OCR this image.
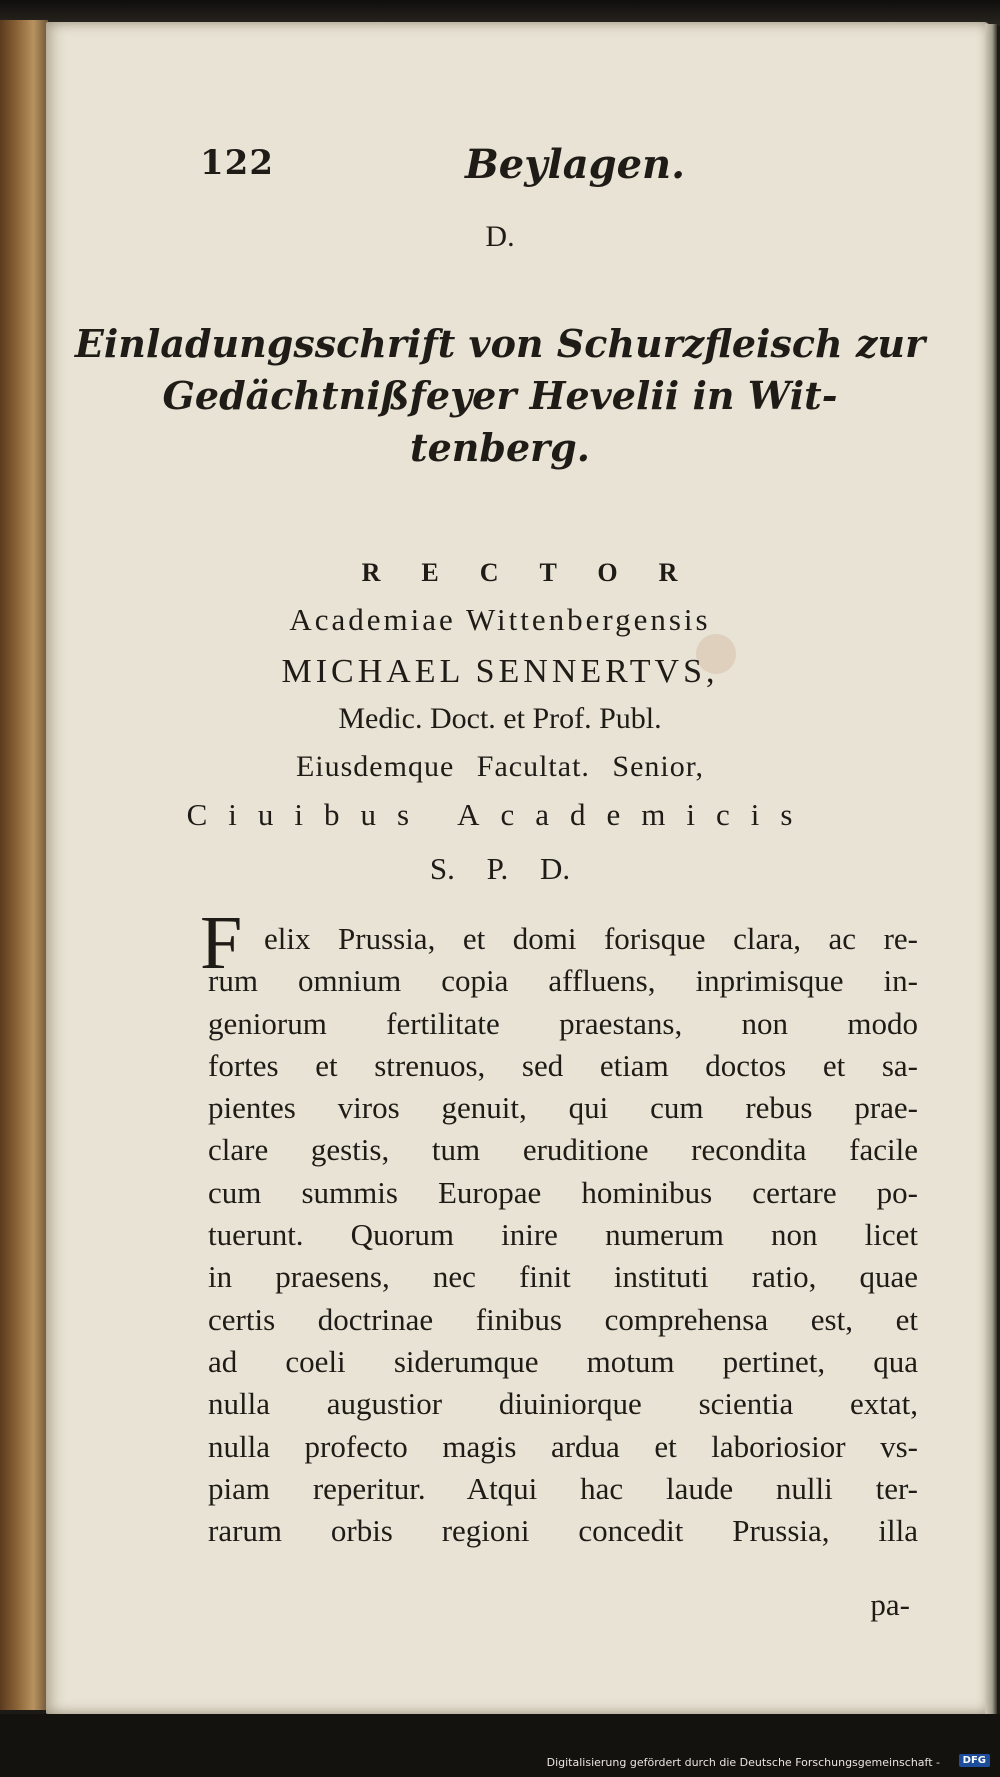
122	Beylagen.
D.
Einladungsschrift von Schurzfleisch zur
Gedächtnißfeyer Hevelii in Wit-
tenberg.
RECTOR
Academiae Wittenbergensis
MICHAEL SENNERTVS,
Medic. Doct. et Prof. Publ.
Eiusdemque Facultat. Senior,
Ciuibus Academicis
S. P. D.
F elix Prussia, et domi forisque clara, ac re-
rum omnium copia affluens, inprimisque in-
geniorum fertilitate praestans, non modo
fortes et strenuos, sed etiam doctos et sa-
pientes viros genuit, qui cum rebus prae-
clare gestis, tum eruditione recondita facile
cum summis Europae hominibus certare po-
tuerunt. Quorum inire numerum non licet
in praesens, nec finit instituti ratio, quae
certis doctrinae finibus comprehensa est, et
ad coeli siderumque motum pertinet, qua
nulla augustior diuiniorque scientia extat,
nulla profecto magis ardua et laboriosior vs-
piam reperitur. Atqui hac laude nulli ter-
rarum orbis regioni concedit Prussia, illa
pa-
Digitalisierung gefördert durch die Deutsche Forschungsgemeinschaft -	DFG
